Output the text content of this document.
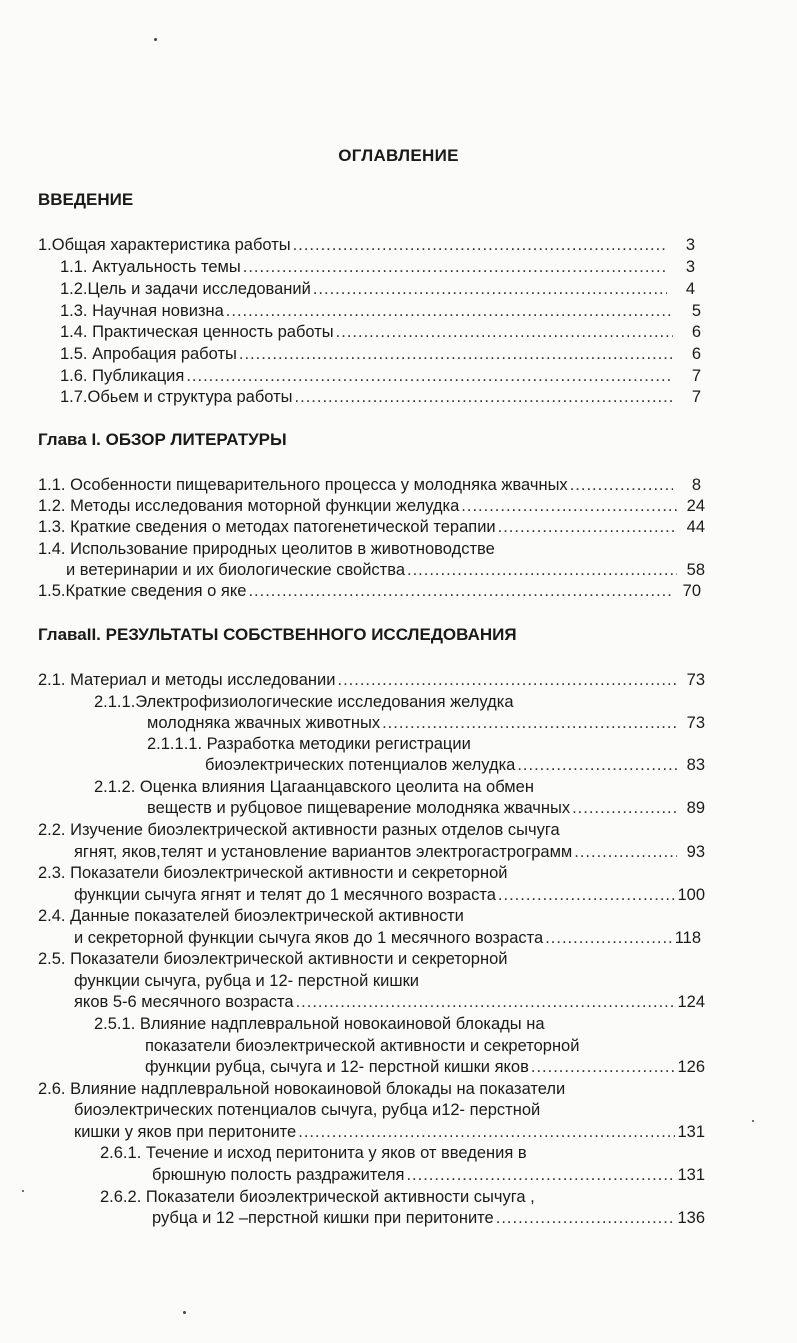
ОГЛАВЛЕНИЕ
ВВЕДЕНИЕ
1.Общая характеристика работы .....	3
1.1. Актуальность темы .....	3
1.2.Цель и задачи исследований .....	4
1.3. Научная новизна .....	5
1.4. Практическая ценность работы .....	6
1.5. Апробация работы .....	6
1.6. Публикация .....	7
1.7.Обьем и структура работы .....	7
Глава I. ОБЗОР ЛИТЕРАТУРЫ
1.1. Особенности пищеварительного процесса у молодняка жвачных .....	8
1.2. Методы исследования моторной функции желудка .....	24
1.3. Краткие сведения о методах патогенетической терапии .....	44
1.4. Использование природных цеолитов в животноводстве
и ветеринарии и их биологические свойства .....	58
1.5.Краткие сведения о яке .....	70
ГлаваII. РЕЗУЛЬТАТЫ СОБСТВЕННОГО ИССЛЕДОВАНИЯ
2.1. Материал и методы исследовании .....	73
2.1.1.Электрофизиологические исследования желудка
молодняка жвачных животных .....	73
2.1.1.1. Разработка методики регистрации
биоэлектрических потенциалов желудка .....	83
2.1.2. Оценка влияния Цагаанцавского цеолита на обмен
веществ и рубцовое пищеварение молодняка жвачных .....	89
2.2. Изучение биоэлектрической активности разных отделов сычуга
ягнят, яков,телят и установление вариантов электрогастрограмм .....	93
2.3. Показатели биоэлектрической активности и секреторной
функции сычуга ягнят и телят до 1 месячного возраста .....	100
2.4. Данные показателей биоэлектрической активности
и секреторной функции сычуга яков до 1 месячного возраста .....	118
2.5. Показатели биоэлектрической активности и секреторной
функции сычуга, рубца и 12- перстной кишки
яков 5-6 месячного возраста .....	124
2.5.1. Влияние надплевральной новокаиновой блокады на
показатели биоэлектрической активности и секреторной
функции рубца, сычуга и 12- перстной кишки яков .....	126
2.6. Влияние надплевральной новокаиновой блокады на показатели
биоэлектрических потенциалов сычуга, рубца и12- перстной
кишки у яков при перитоните .....	131
2.6.1. Течение и исход перитонита у яков от введения в
брюшную полость раздражителя .....	131
2.6.2. Показатели биоэлектрической активности сычуга ,
рубца и 12 –перстной кишки при перитоните .....	136
